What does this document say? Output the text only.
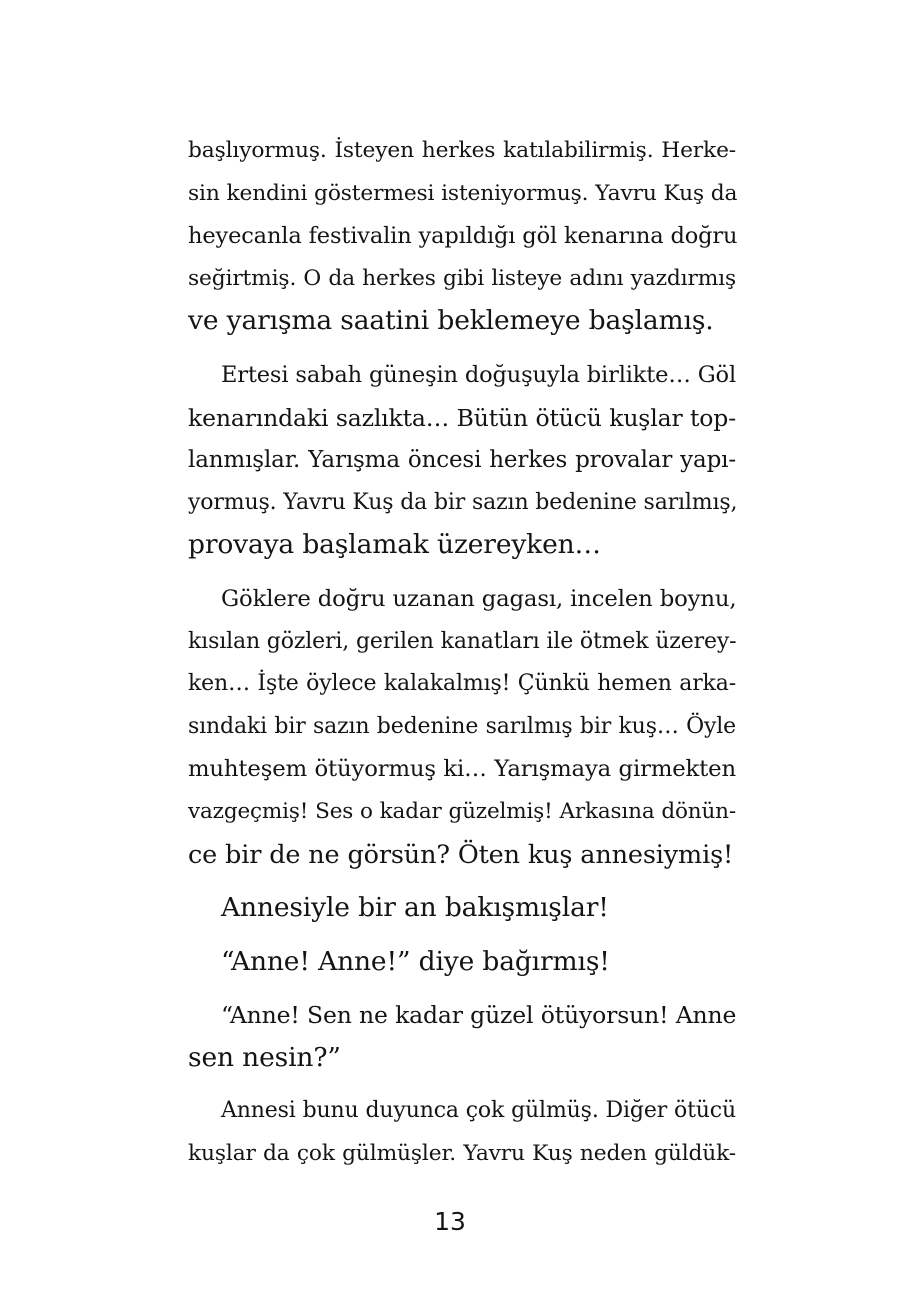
başlıyormuş. İsteyen herkes katılabilirmiş. Herke-
sin kendini göstermesi isteniyormuş. Yavru Kuş da
heyecanla festivalin yapıldığı göl kenarına doğru
seğirtmiş. O da herkes gibi listeye adını yazdırmış
ve yarışma saatini beklemeye başlamış.
Ertesi sabah güneşin doğuşuyla birlikte… Göl
kenarındaki sazlıkta… Bütün ötücü kuşlar top-
lanmışlar. Yarışma öncesi herkes provalar yapı-
yormuş. Yavru Kuş da bir sazın bedenine sarılmış,
provaya başlamak üzereyken…
Göklere doğru uzanan gagası, incelen boynu,
kısılan gözleri, gerilen kanatları ile ötmek üzerey-
ken… İşte öylece kalakalmış! Çünkü hemen arka-
sındaki bir sazın bedenine sarılmış bir kuş… Öyle
muhteşem ötüyormuş ki… Yarışmaya girmekten
vazgeçmiş! Ses o kadar güzelmiş! Arkasına dönün-
ce bir de ne görsün? Öten kuş annesiymiş!
Annesiyle bir an bakışmışlar!
“Anne! Anne!” diye bağırmış!
“Anne! Sen ne kadar güzel ötüyorsun! Anne
sen nesin?”
Annesi bunu duyunca çok gülmüş. Diğer ötücü
kuşlar da çok gülmüşler. Yavru Kuş neden güldük-
13
